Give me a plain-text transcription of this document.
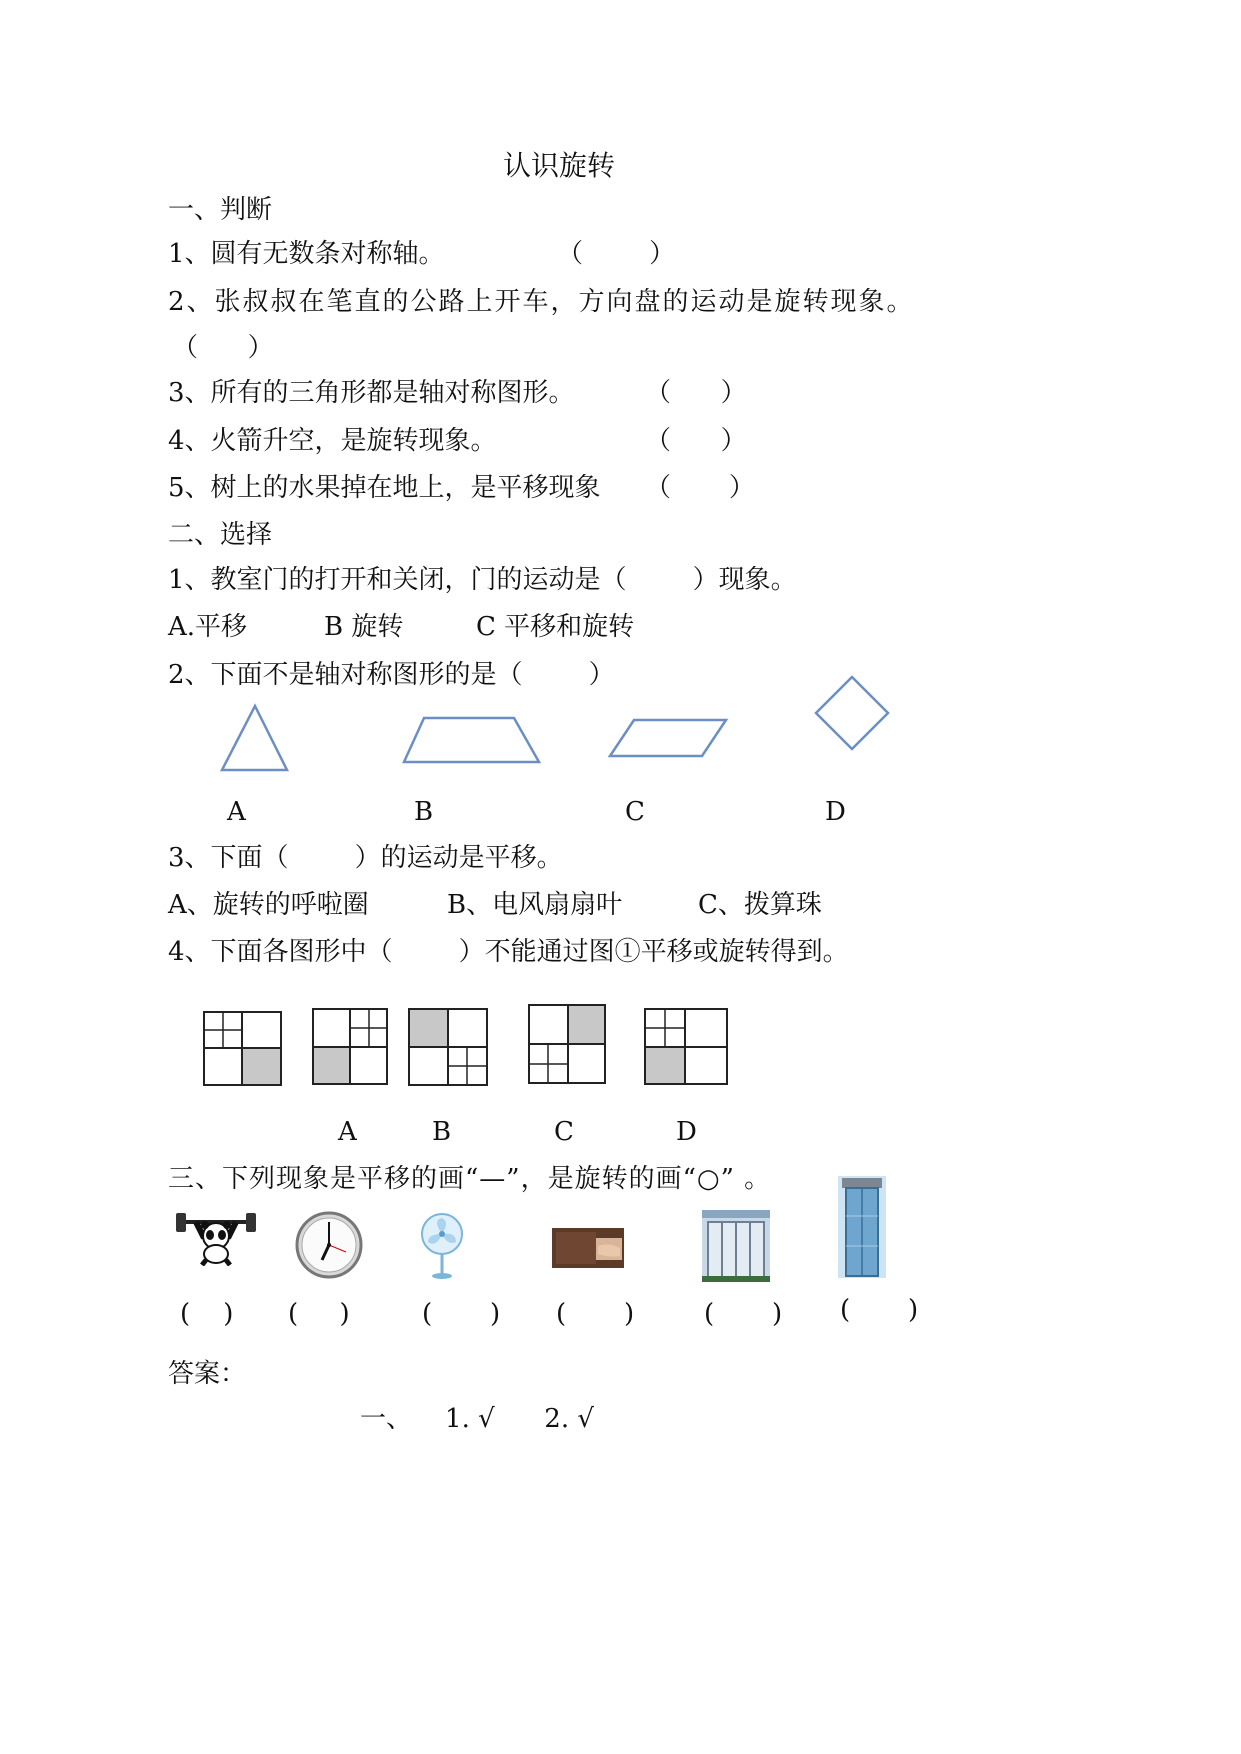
认识旋转
一、判断
1、圆有无数条对称轴。	（        ）
2、张叔叔在笔直的公路上开车，方向盘的运动是旋转现象。
（      ）
3、所有的三角形都是轴对称图形。	（      ）
4、火箭升空，是旋转现象。	（      ）
5、树上的水果掉在地上，是平移现象 （       ）
二、选择
1、教室门的打开和关闭，门的运动是（        ）现象。
A.平移	B 旋转	C 平移和旋转
2、下面不是轴对称图形的是（        ）
A	B	C	D
3、下面（        ）的运动是平移。
A、旋转的呼啦圈	B、电风扇扇叶	C、拨算珠
4、下面各图形中（        ）不能通过图①平移或旋转得到。
A	B	C	D
三、下列现象是平移的画“—”，是旋转的画“○” 。
(    ) (     )	(       ) (       )	(       ) (       )
答案：
一、    1. √      2. √
